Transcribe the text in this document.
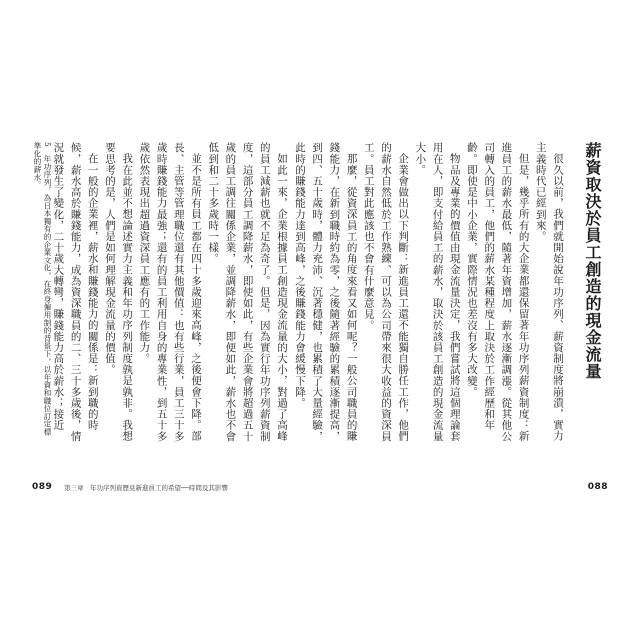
5　年功序列，為日本獨有的企業文化，在終身僱用制的背景下，以年資和職位訂定標準化的薪水。	如此一來，企業根據員工創造現金流量的大小，對過了高峰的員工減薪也就不足為奇了。但是，因為實行年功序列薪資制度，這部分員工調降薪水，即使如此，有些企業會將超過五十歲的員工調往關係企業，並調降薪水，即便如此，薪水也不會低到和二十多歲時一樣。

並不是所有員工都在四十多歲迎來高峰，之後便會下降。部長、主管等管理職位還有其他價值：也有些行業，員工三十多歲時賺錢能力最強；還有的員工利用自身的專業性，到五十多歲依然表現出超過資深員工應有的工作能力。

我在此並不想論述實力主義和年功序列制度孰是孰非。我想要思考的是，人們是如何理解現金流量的價值。

在一般的企業裡，薪水和賺錢能力的關係是：新到職的時候，薪水高於賺錢能力，成為資深職員的二、三十多歲後，情況就發生了變化，二十歲大轉彎，賺錢能力高於薪水；接近

089 第三章　年功序列資歷見新進員工的希望──時間及其影響
薪資取決於員工創造的現金流量

很久以前，我們就開始說年功序列、薪資制度將崩潰，實力主義時代已經到來。

但是，幾乎所有的大企業都還保留著年功序列薪資制度：新進員工的薪水最低，隨著年資增加，薪水逐漸調漲。從其他公司轉入的員工，他們的薪水某種程度上取決於工作經歷和年齡。即使是中小企業，實際情況也差沒有多大改變。

物品及專業的價值由現金流量決定，我們嘗試將這個理論套用在人，即支付給員工的薪水，取決於該員工創造的現金流量大小。

企業會做出以下判斷：新進員工還不能獨自勝任工作，他們的薪水自然低於工作熟練、可以為公司帶來很大收益的資深員工。員工對此應該也不會有什麼意見。

那麼，從資深員工的角度來看又如何呢？一般公司職員的賺錢能力，在新到職時約為零，之後隨著經驗的累積逐漸提高，到四、五十歲時，體力充沛、沉著穩健，也累積了大量經驗，此時的賺錢能力達到高峰，之後賺錢能力會緩慢下降。

088
